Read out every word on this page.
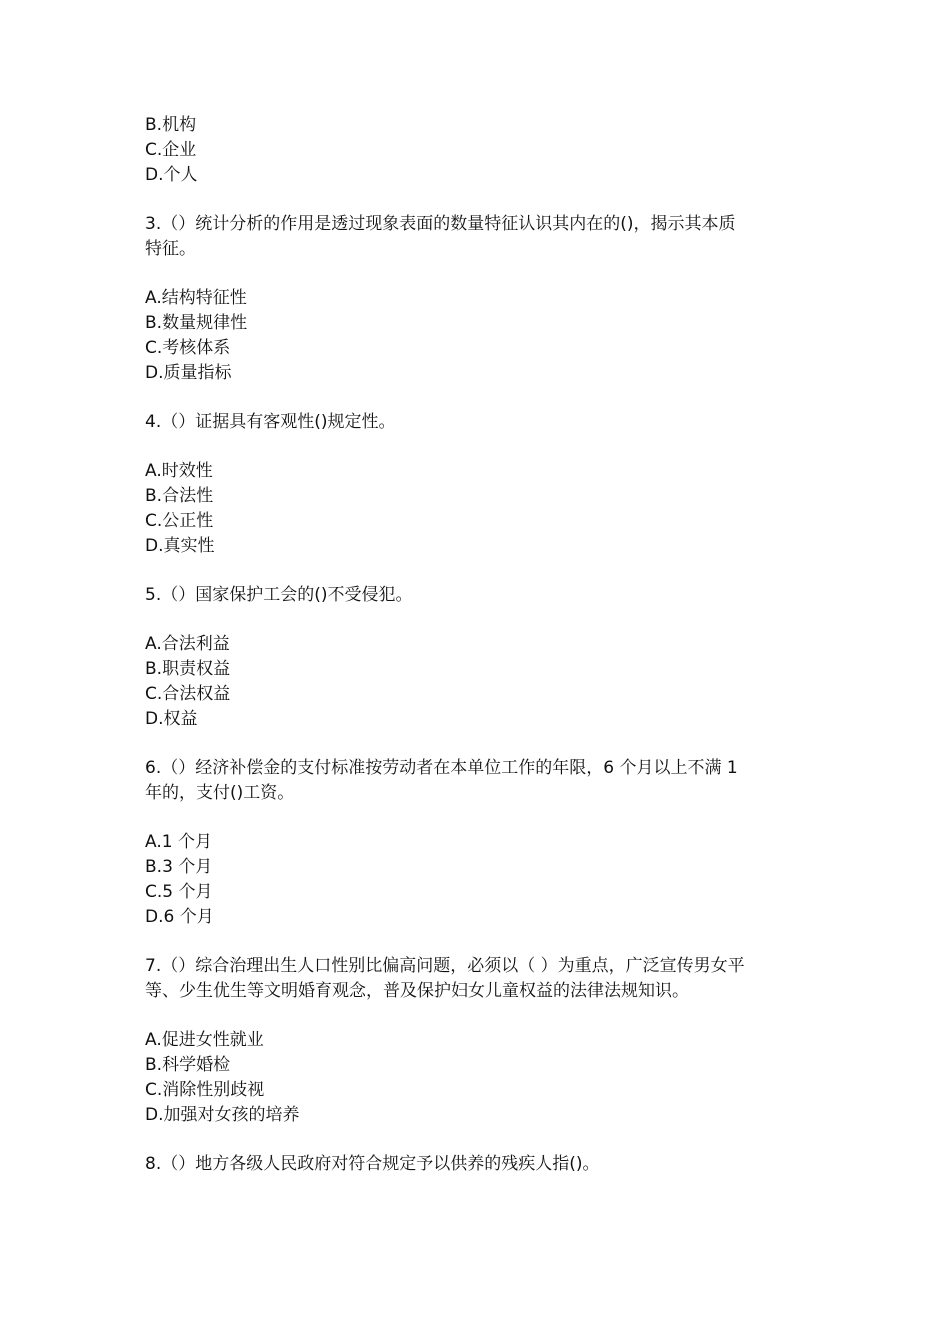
B.机构
C.企业
D.个人
3.（）统计分析的作用是透过现象表面的数量特征认识其内在的()，揭示其本质
特征。
A.结构特征性
B.数量规律性
C.考核体系
D.质量指标
4.（）证据具有客观性()规定性。
A.时效性
B.合法性
C.公正性
D.真实性
5.（）国家保护工会的()不受侵犯。
A.合法利益
B.职责权益
C.合法权益
D.权益
6.（）经济补偿金的支付标准按劳动者在本单位工作的年限，6 个月以上不满 1
年的，支付()工资。
A.1 个月
B.3 个月
C.5 个月
D.6 个月
7.（）综合治理出生人口性别比偏高问题，必须以（ ）为重点，广泛宣传男女平
等、少生优生等文明婚育观念，普及保护妇女儿童权益的法律法规知识。
A.促进女性就业
B.科学婚检
C.消除性别歧视
D.加强对女孩的培养
8.（）地方各级人民政府对符合规定予以供养的残疾人指()。
